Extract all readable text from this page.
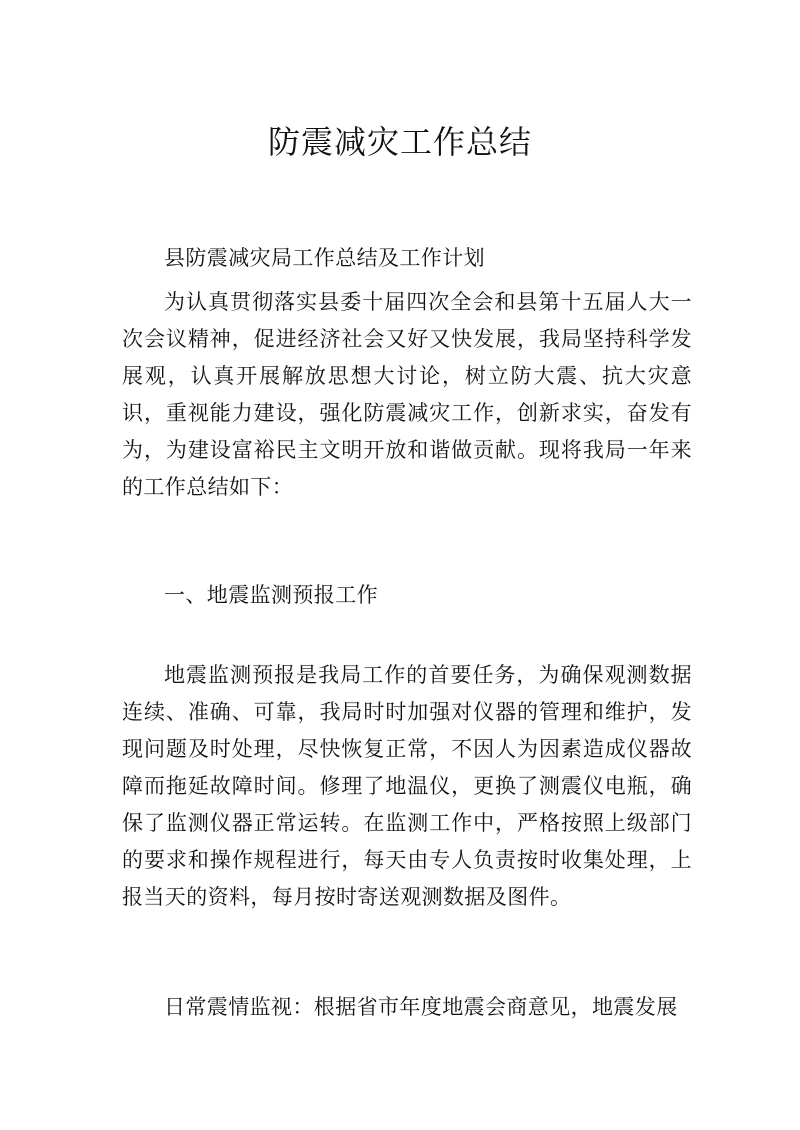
防震减灾工作总结

县防震减灾局工作总结及工作计划

为认真贯彻落实县委十届四次全会和县第十五届人大一次会议精神，促进经济社会又好又快发展，我局坚持科学发展观，认真开展解放思想大讨论，树立防大震、抗大灾意识，重视能力建设，强化防震减灾工作，创新求实，奋发有为，为建设富裕民主文明开放和谐做贡献。现将我局一年来的工作总结如下：

一、地震监测预报工作

地震监测预报是我局工作的首要任务，为确保观测数据连续、准确、可靠，我局时时加强对仪器的管理和维护，发现问题及时处理，尽快恢复正常，不因人为因素造成仪器故障而拖延故障时间。修理了地温仪，更换了测震仪电瓶，确保了监测仪器正常运转。在监测工作中，严格按照上级部门的要求和操作规程进行，每天由专人负责按时收集处理，上报当天的资料，每月按时寄送观测数据及图件。

日常震情监视：根据省市年度地震会商意见，地震发展
